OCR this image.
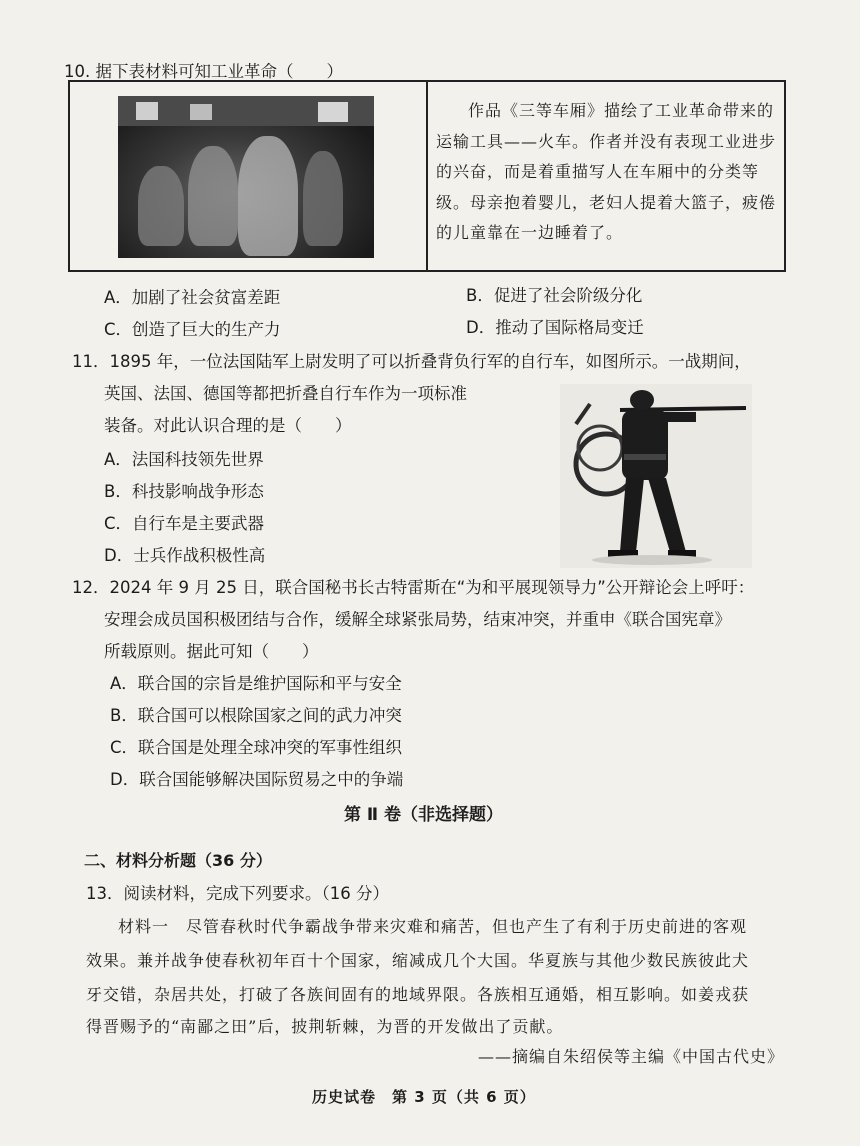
10. 据下表材料可知工业革命（　　）
作品《三等车厢》描绘了工业革命带来的运输工具——火车。作者并没有表现工业进步的兴奋，而是着重描写人在车厢中的分类等级。母亲抱着婴儿，老妇人提着大篮子，疲倦的儿童靠在一边睡着了。
A．加剧了社会贫富差距	B．促进了社会阶级分化
C．创造了巨大的生产力	D．推动了国际格局变迁
11．1895 年，一位法国陆军上尉发明了可以折叠背负行军的自行车，如图所示。一战期间，
英国、法国、德国等都把折叠自行车作为一项标准
装备。对此认识合理的是（　　）
A．法国科技领先世界
B．科技影响战争形态
C．自行车是主要武器
D．士兵作战积极性高
12．2024 年 9 月 25 日，联合国秘书长古特雷斯在“为和平展现领导力”公开辩论会上呼吁：
安理会成员国积极团结与合作，缓解全球紧张局势，结束冲突，并重申《联合国宪章》
所载原则。据此可知（　　）
A．联合国的宗旨是维护国际和平与安全
B．联合国可以根除国家之间的武力冲突
C．联合国是处理全球冲突的军事性组织
D．联合国能够解决国际贸易之中的争端
第 Ⅱ 卷（非选择题）
二、材料分析题（36 分）
13．阅读材料，完成下列要求。（16 分）
材料一　尽管春秋时代争霸战争带来灾难和痛苦，但也产生了有利于历史前进的客观
效果。兼并战争使春秋初年百十个国家，缩减成几个大国。华夏族与其他少数民族彼此犬
牙交错，杂居共处，打破了各族间固有的地域界限。各族相互通婚，相互影响。如姜戎获
得晋赐予的“南鄙之田”后，披荆斩棘，为晋的开发做出了贡献。
——摘编自朱绍侯等主编《中国古代史》
历史试卷　第 3 页（共 6 页）
